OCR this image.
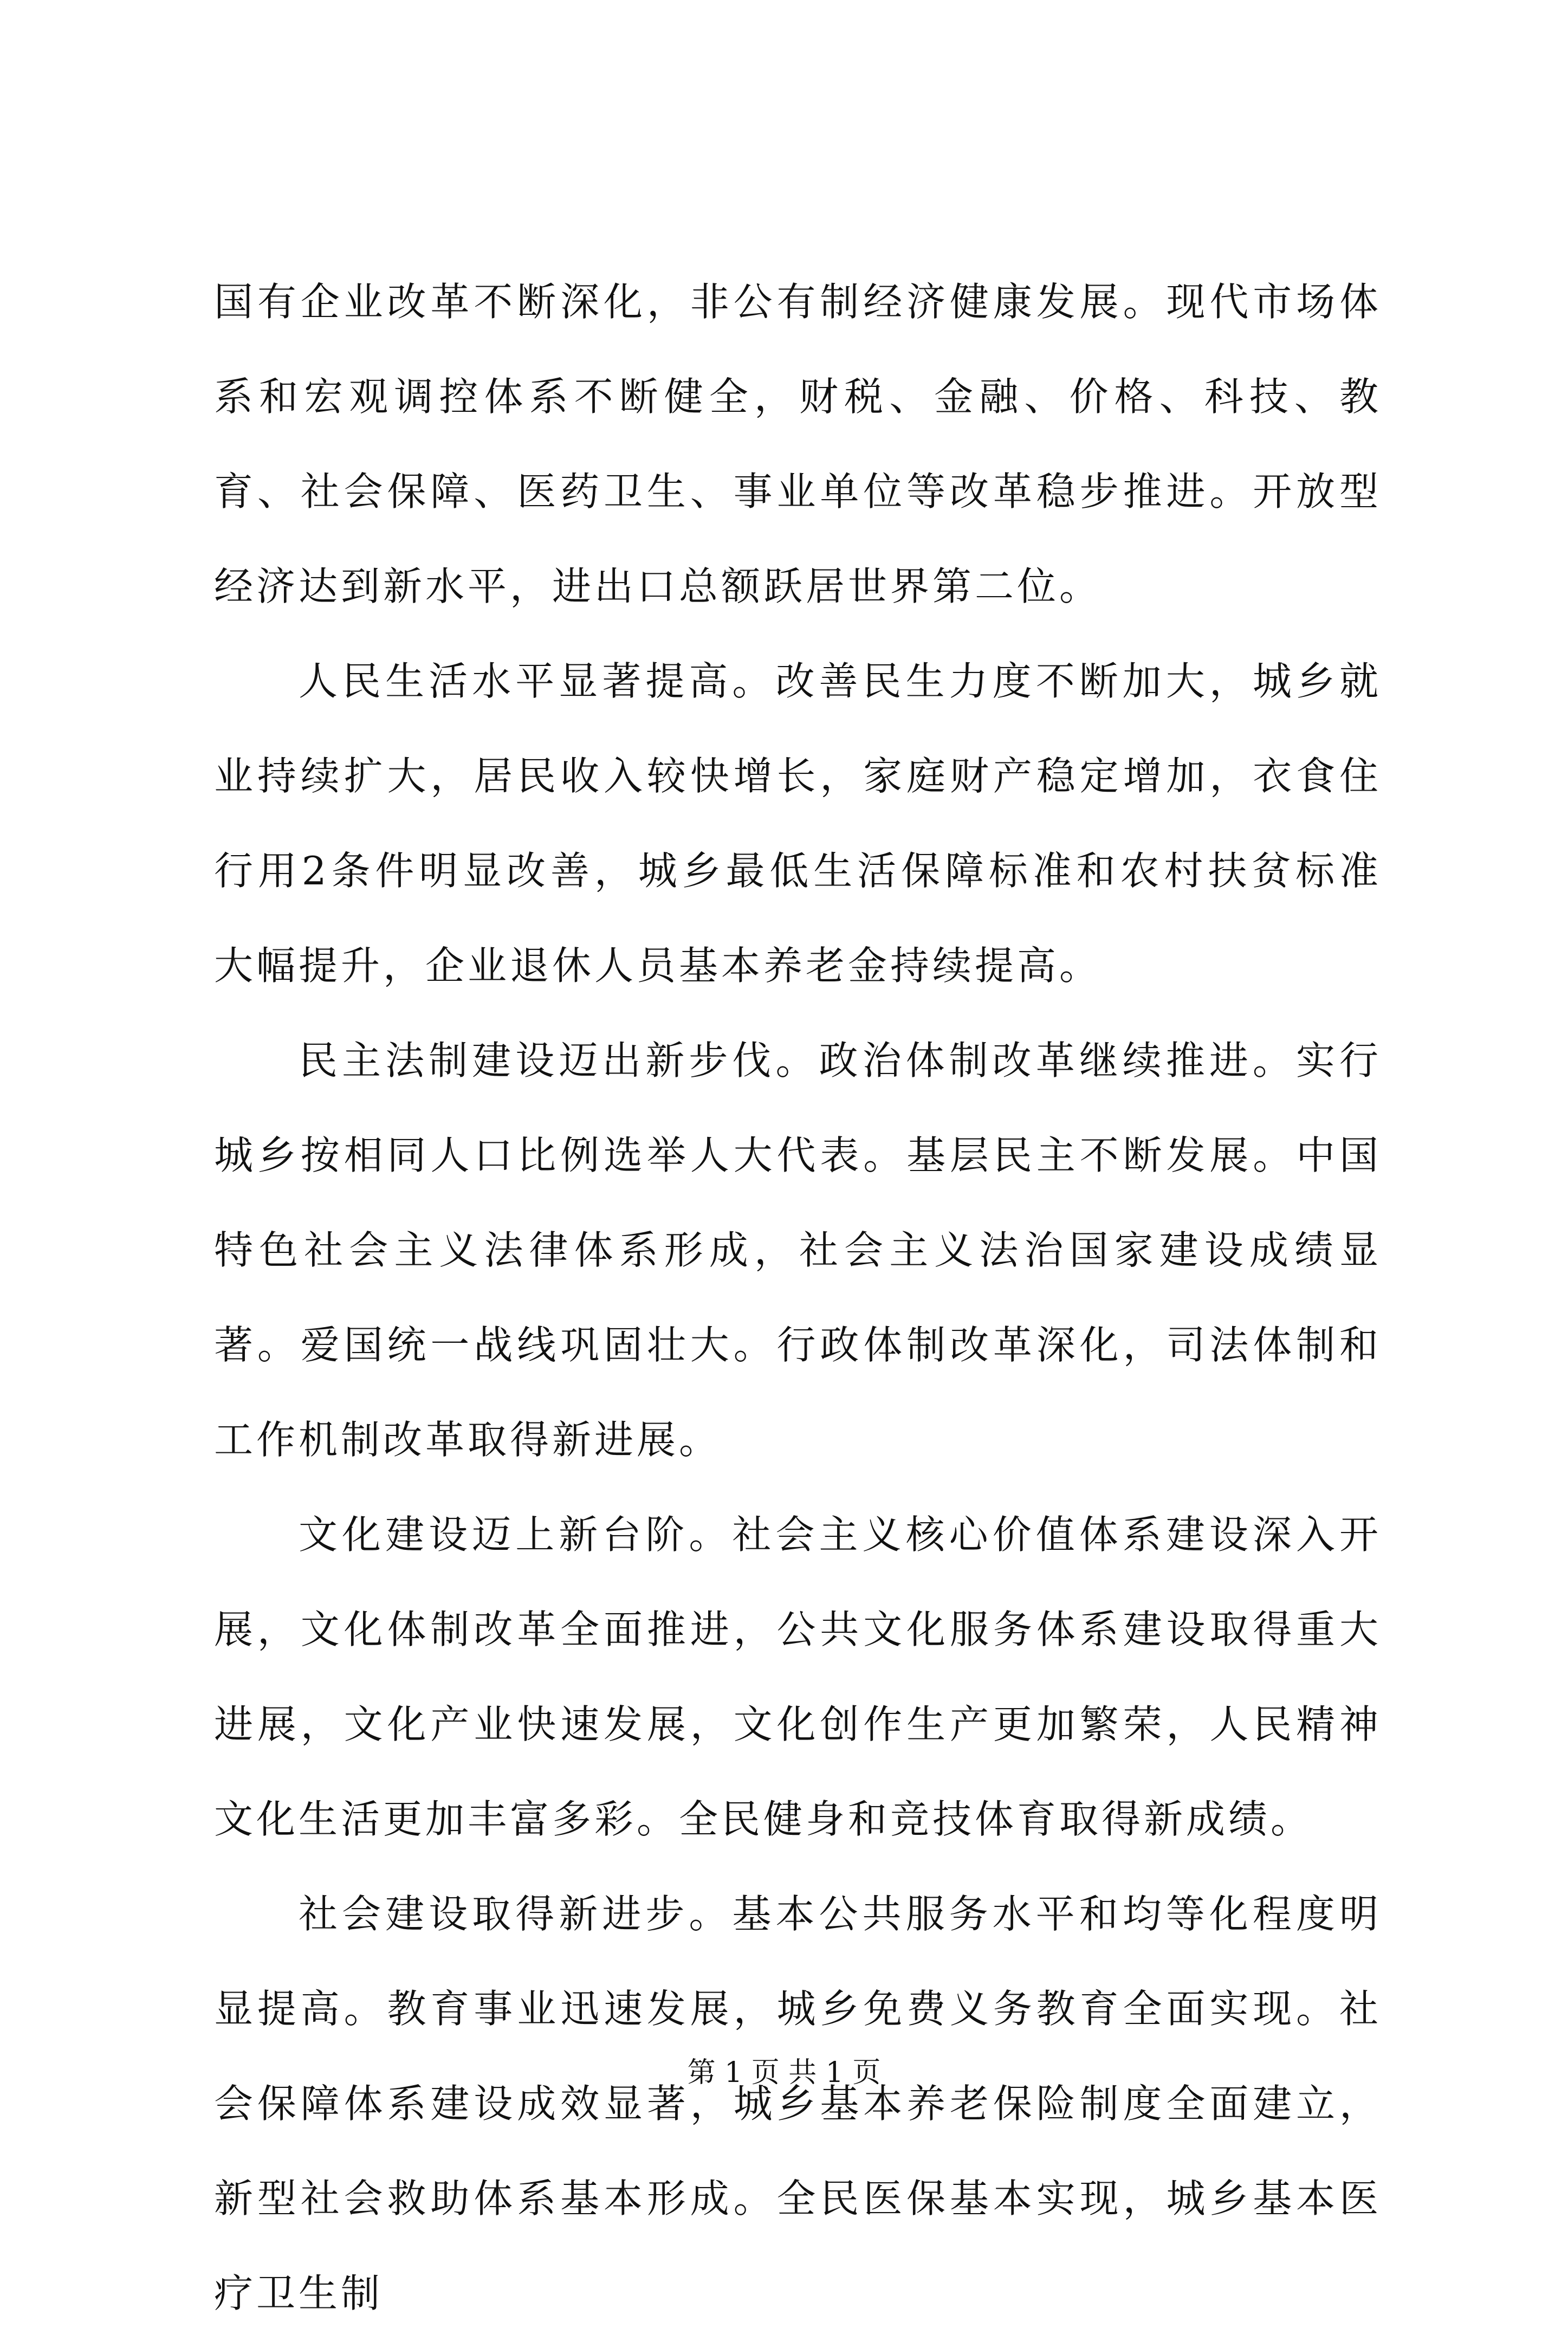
国有企业改革不断深化，非公有制经济健康发展。现代市场体系和宏观调控体系不断健全，财税、金融、价格、科技、教育、社会保障、医药卫生、事业单位等改革稳步推进。开放型经济达到新水平，进出口总额跃居世界第二位。

人民生活水平显著提高。改善民生力度不断加大，城乡就业持续扩大，居民收入较快增长，家庭财产稳定增加，衣食住行用2条件明显改善，城乡最低生活保障标准和农村扶贫标准大幅提升，企业退休人员基本养老金持续提高。

民主法制建设迈出新步伐。政治体制改革继续推进。实行城乡按相同人口比例选举人大代表。基层民主不断发展。中国特色社会主义法律体系形成，社会主义法治国家建设成绩显著。爱国统一战线巩固壮大。行政体制改革深化，司法体制和工作机制改革取得新进展。

文化建设迈上新台阶。社会主义核心价值体系建设深入开展，文化体制改革全面推进，公共文化服务体系建设取得重大进展，文化产业快速发展，文化创作生产更加繁荣，人民精神文化生活更加丰富多彩。全民健身和竞技体育取得新成绩。

社会建设取得新进步。基本公共服务水平和均等化程度明显提高。教育事业迅速发展，城乡免费义务教育全面实现。社会保障体系建设成效显著，城乡基本养老保险制度全面建立，新型社会救助体系基本形成。全民医保基本实现，城乡基本医疗卫生制

第 1 页 共 1 页
